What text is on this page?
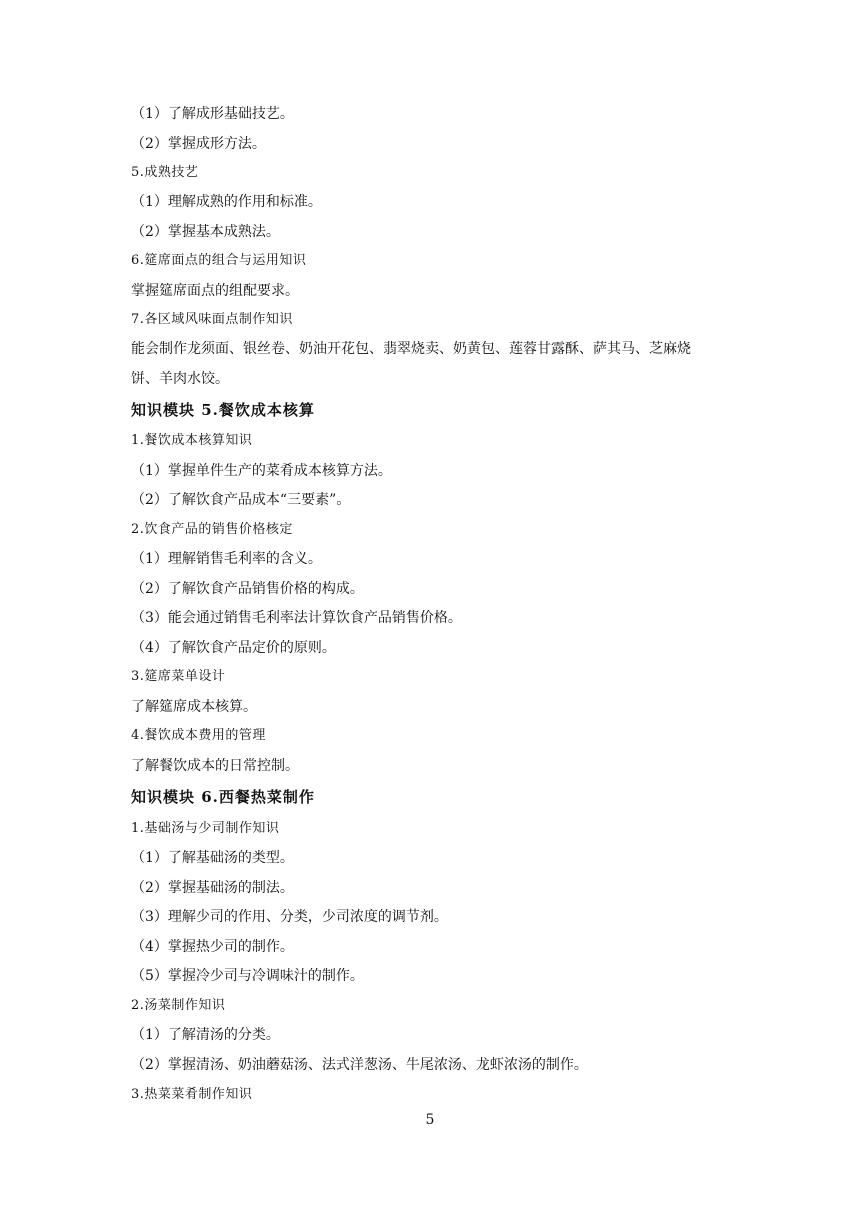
（1）了解成形基础技艺。
（2）掌握成形方法。
5.成熟技艺
（1）理解成熟的作用和标准。
（2）掌握基本成熟法。
6.筵席面点的组合与运用知识
掌握筵席面点的组配要求。
7.各区域风味面点制作知识
能会制作龙须面、银丝卷、奶油开花包、翡翠烧卖、奶黄包、莲蓉甘露酥、萨其马、芝麻烧
饼、羊肉水饺。
知识模块 5.餐饮成本核算
1.餐饮成本核算知识
（1）掌握单件生产的菜肴成本核算方法。
（2）了解饮食产品成本“三要素”。
2.饮食产品的销售价格核定
（1）理解销售毛利率的含义。
（2）了解饮食产品销售价格的构成。
（3）能会通过销售毛利率法计算饮食产品销售价格。
（4）了解饮食产品定价的原则。
3.筵席菜单设计
了解筵席成本核算。
4.餐饮成本费用的管理
了解餐饮成本的日常控制。
知识模块 6.西餐热菜制作
1.基础汤与少司制作知识
（1）了解基础汤的类型。
（2）掌握基础汤的制法。
（3）理解少司的作用、分类，少司浓度的调节剂。
（4）掌握热少司的制作。
（5）掌握冷少司与冷调味汁的制作。
2.汤菜制作知识
（1）了解清汤的分类。
（2）掌握清汤、奶油蘑菇汤、法式洋葱汤、牛尾浓汤、龙虾浓汤的制作。
3.热菜菜肴制作知识
5
